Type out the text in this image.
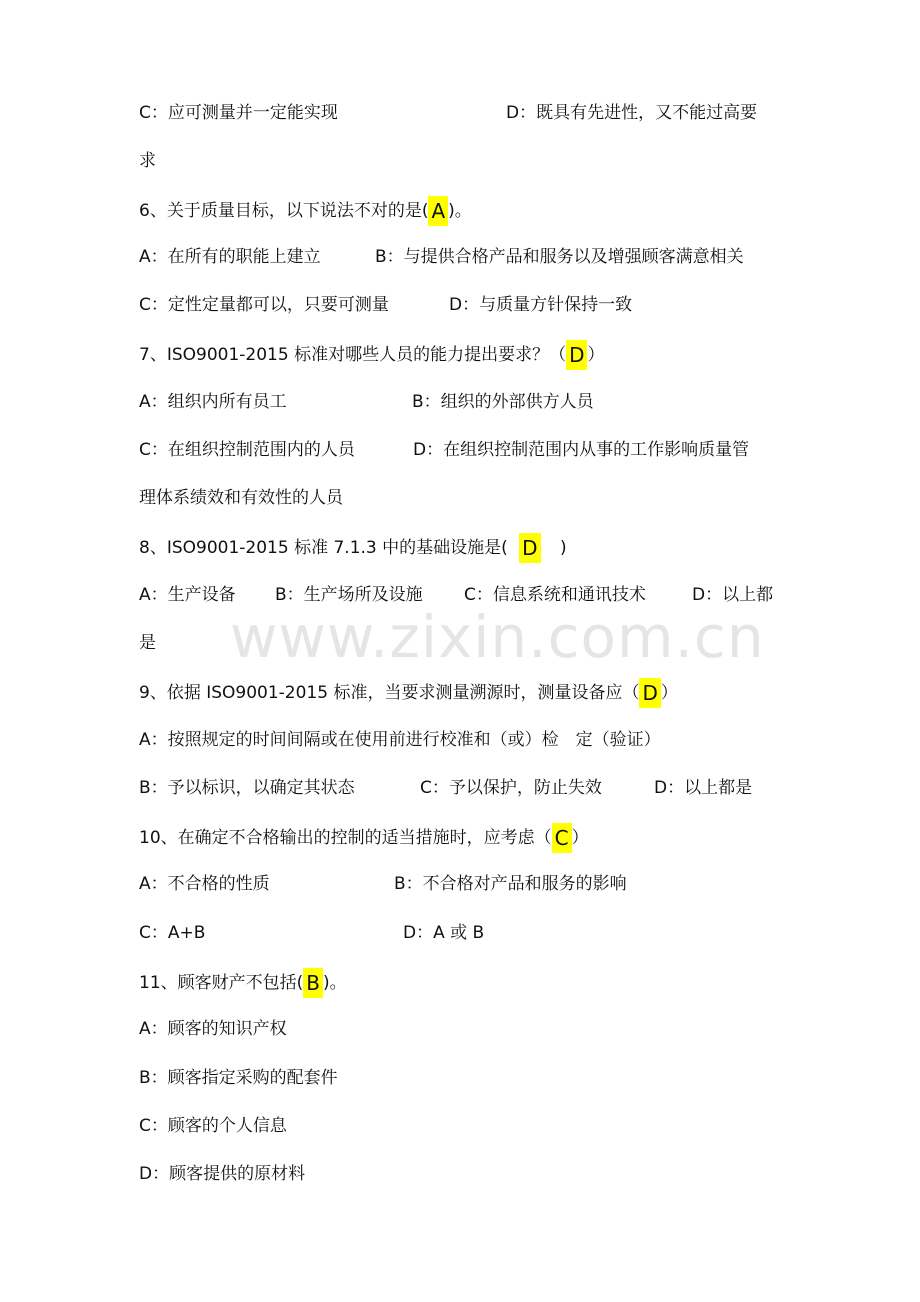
www.zixin.com.cn
C：应可测量并一定能实现	D：既具有先进性，又不能过高要
求
6、关于质量目标，以下说法不对的是( A )。
A：在所有的职能上建立	B：与提供合格产品和服务以及增强顾客满意相关
C：定性定量都可以，只要可测量	D：与质量方针保持一致
7、ISO9001-2015 标准对哪些人员的能力提出要求？（ D ）
A：组织内所有员工	B：组织的外部供方人员
C：在组织控制范围内的人员	D：在组织控制范围内从事的工作影响质量管
理体系绩效和有效性的人员
8、ISO9001-2015 标准 7.1.3 中的基础设施是( D )
A：生产设备 B：生产场所及设施 C：信息系统和通讯技术	D：以上都
是
9、依据 ISO9001-2015 标准，当要求测量溯源时，测量设备应（ D ）
A：按照规定的时间间隔或在使用前进行校准和（或）检　定（验证）
B：予以标识，以确定其状态	C：予以保护，防止失效	D：以上都是
10、在确定不合格输出的控制的适当措施时，应考虑（ C ）
A：不合格的性质	B：不合格对产品和服务的影响
C：A+B	D：A 或 B
11、顾客财产不包括( B )。
A：顾客的知识产权
B：顾客指定采购的配套件
C：顾客的个人信息
D：顾客提供的原材料
